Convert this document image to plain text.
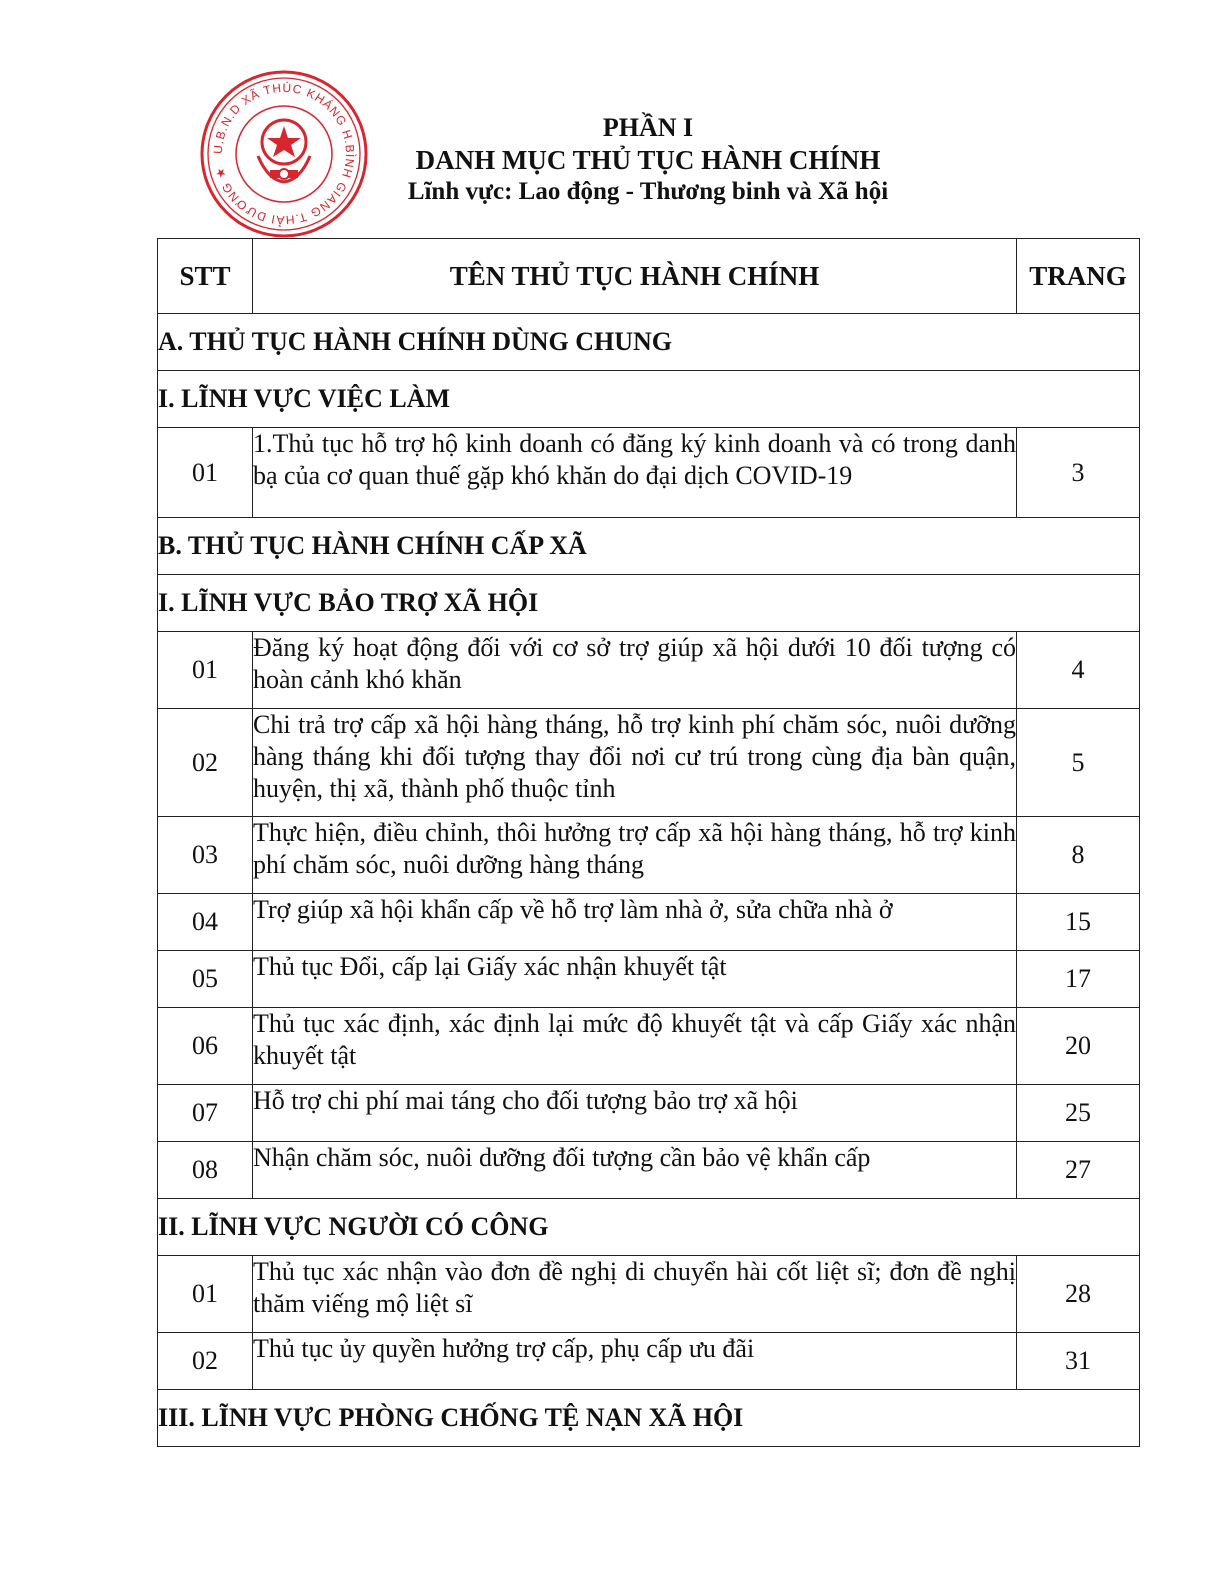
U.B.N.D XÃ THÚC KHÁNG H.BÌNH GIANG T.HẢI DƯƠNG ★
PHẦN I
DANH MỤC THỦ TỤC HÀNH CHÍNH
Lĩnh vực: Lao động - Thương binh và Xã hội
STT	TÊN THỦ TỤC HÀNH CHÍNH	TRANG
A. THỦ TỤC HÀNH CHÍNH DÙNG CHUNG		
I. LĨNH VỰC VIỆC LÀM		
01	1.Thủ tục hỗ trợ hộ kinh doanh có đăng ký kinh doanh và có trong danh bạ của cơ quan thuế gặp khó khăn do đại dịch COVID-19	3
B. THỦ TỤC HÀNH CHÍNH CẤP XÃ		
I. LĨNH VỰC BẢO TRỢ XÃ HỘI		
01	Đăng ký hoạt động đối với cơ sở trợ giúp xã hội dưới 10 đối tượng có hoàn cảnh khó khăn	4
02	Chi trả trợ cấp xã hội hàng tháng, hỗ trợ kinh phí chăm sóc, nuôi dưỡng hàng tháng khi đối tượng thay đổi nơi cư trú trong cùng địa bàn quận, huyện, thị xã, thành phố thuộc tỉnh	5
03	Thực hiện, điều chỉnh, thôi hưởng trợ cấp xã hội hàng tháng, hỗ trợ kinh phí chăm sóc, nuôi dưỡng hàng tháng	8
04	Trợ giúp xã hội khẩn cấp về hỗ trợ làm nhà ở, sửa chữa nhà ở	15
05	Thủ tục Đổi, cấp lại Giấy xác nhận khuyết tật	17
06	Thủ tục xác định, xác định lại mức độ khuyết tật và cấp Giấy xác nhận khuyết tật	20
07	Hỗ trợ chi phí mai táng cho đối tượng bảo trợ xã hội	25
08	Nhận chăm sóc, nuôi dưỡng đối tượng cần bảo vệ khẩn cấp	27
II. LĨNH VỰC NGƯỜI CÓ CÔNG		
01	Thủ tục xác nhận vào đơn đề nghị di chuyển hài cốt liệt sĩ; đơn đề nghị thăm viếng mộ liệt sĩ	28
02	Thủ tục ủy quyền hưởng trợ cấp, phụ cấp ưu đãi	31
III. LĨNH VỰC PHÒNG CHỐNG TỆ NẠN XÃ HỘI		
